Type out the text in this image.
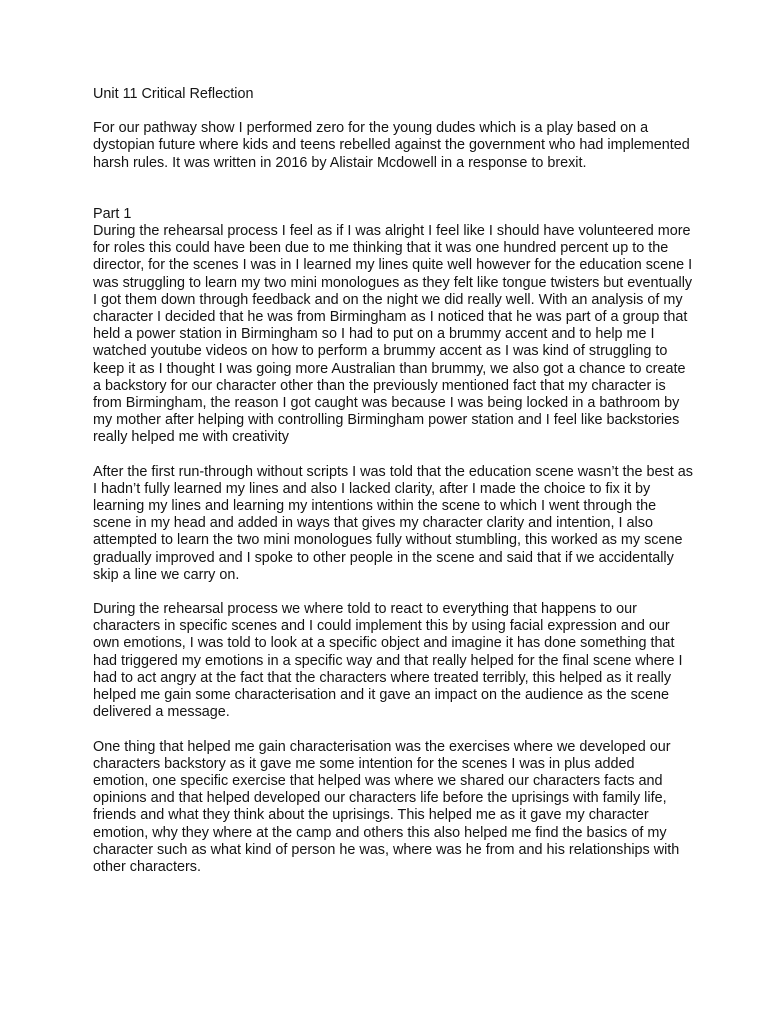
Unit 11 Critical Reflection

For our pathway show I performed zero for the young dudes which is a play based on a dystopian future where kids and teens rebelled against the government who had implemented harsh rules. It was written in 2016 by Alistair Mcdowell in a response to brexit.

Part 1

During the rehearsal process I feel as if I was alright I feel like I should have volunteered more for roles this could have been due to me thinking that it was one hundred percent up to the director, for the scenes I was in I learned my lines quite well however for the education scene I was struggling to learn my two mini monologues as they felt like tongue twisters but eventually I got them down through feedback and on the night we did really well. With an analysis of my character I decided that he was from Birmingham as I noticed that he was part of a group that held a power station in Birmingham so I had to put on a brummy accent and to help me I watched youtube videos on how to perform a brummy accent as I was kind of struggling to keep it as I thought I was going more Australian than brummy, we also got a chance to create a backstory for our character other than the previously mentioned fact that my character is from Birmingham, the reason I got caught was because I was being locked in a bathroom by my mother after helping with controlling Birmingham power station and I feel like backstories really helped me with creativity

After the first run-through without scripts I was told that the education scene wasn’t the best as I hadn’t fully learned my lines and also I lacked clarity, after I made the choice to fix it by learning my lines and learning my intentions within the scene to which I went through the scene in my head and added in ways that gives my character clarity and intention, I also attempted to learn the two mini monologues fully without stumbling, this worked as my scene gradually improved and I spoke to other people in the scene and said that if we accidentally skip a line we carry on.

During the rehearsal process we where told to react to everything that happens to our characters in specific scenes and I could implement this by using facial expression and our own emotions, I was told to look at a specific object and imagine it has done something that had triggered my emotions in a specific way and that really helped for the final scene where I had to act angry at the fact that the characters where treated terribly, this helped as it really helped me gain some characterisation and it gave an impact on the audience as the scene delivered a message.

One thing that helped me gain characterisation was the exercises where we developed our characters backstory as it gave me some intention for the scenes I was in plus added emotion, one specific exercise that helped was where we shared our characters facts and opinions and that helped developed our characters life before the uprisings with family life, friends and what they think about the uprisings. This helped me as it gave my character emotion, why they where at the camp and others this also helped me find the basics of my character such as what kind of person he was, where was he from and his relationships with other characters.
